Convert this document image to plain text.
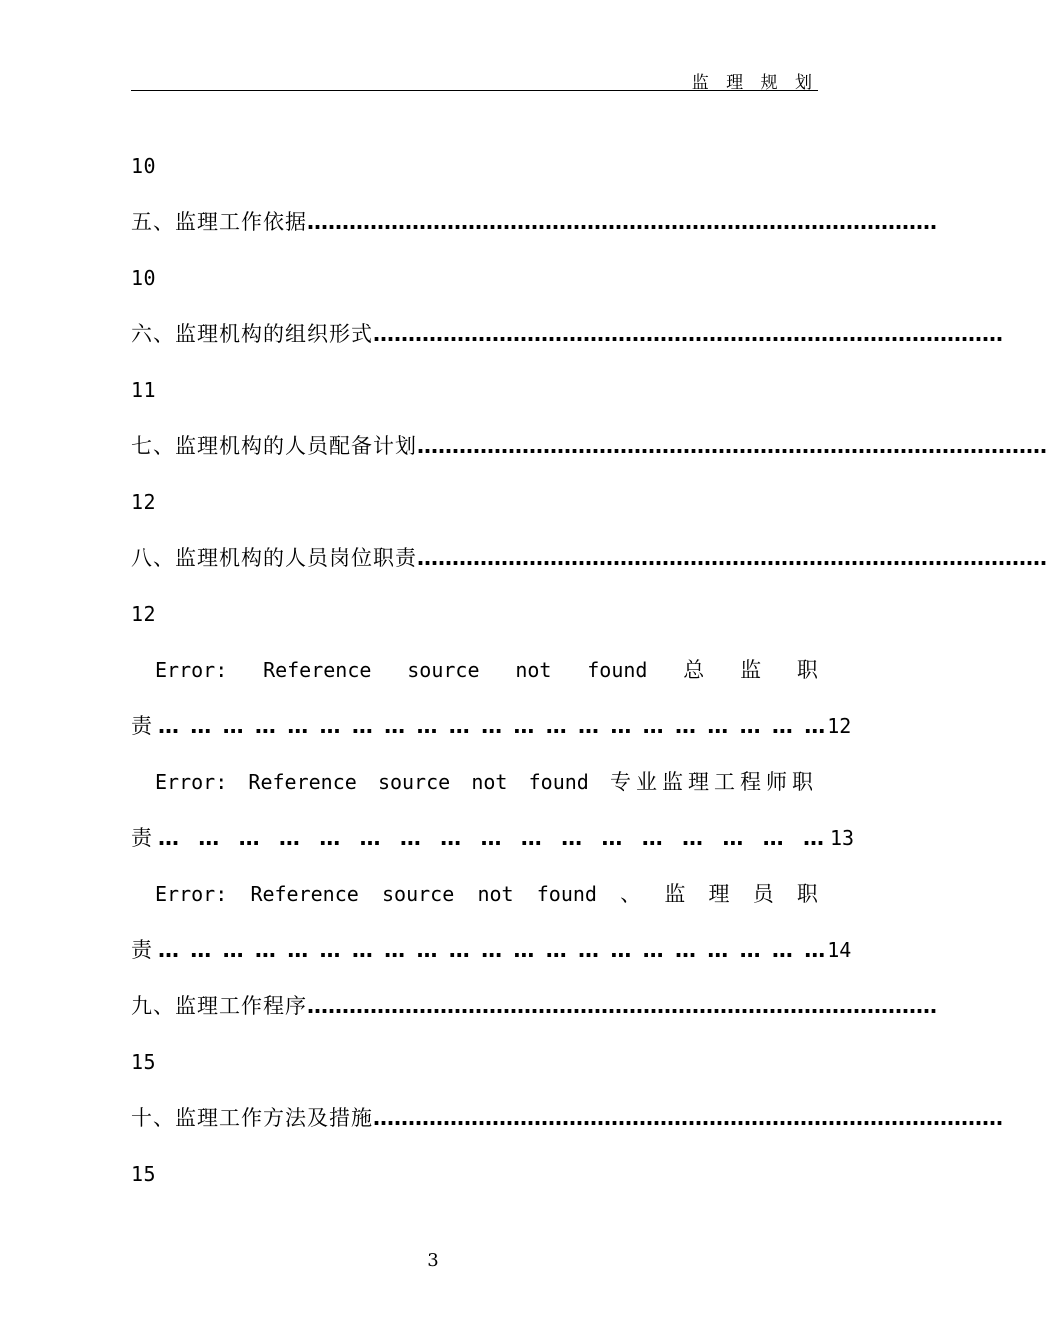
监 理 规 划
10
五、监理工作依据 ………………………………………………………………………………
10
六、监理机构的组织形式 ………………………………………………………………………………
11
七、监理机构的人员配备计划 ………………………………………………………………………………
12
八、监理机构的人员岗位职责 ………………………………………………………………………………
12
Error: Reference source not found 总 监 职
责 … … … … … … … … … … … … … … … … … … … … … 12
Error: Reference source not found 专业监理工程师职
责 … … … … … … … … … … … … … … … … … 13
Error: Reference source not found 、 监 理 员 职
责 … … … … … … … … … … … … … … … … … … … … … 14
九、监理工作程序 ………………………………………………………………………………
15
十、监理工作方法及措施 ………………………………………………………………………………
15
3
